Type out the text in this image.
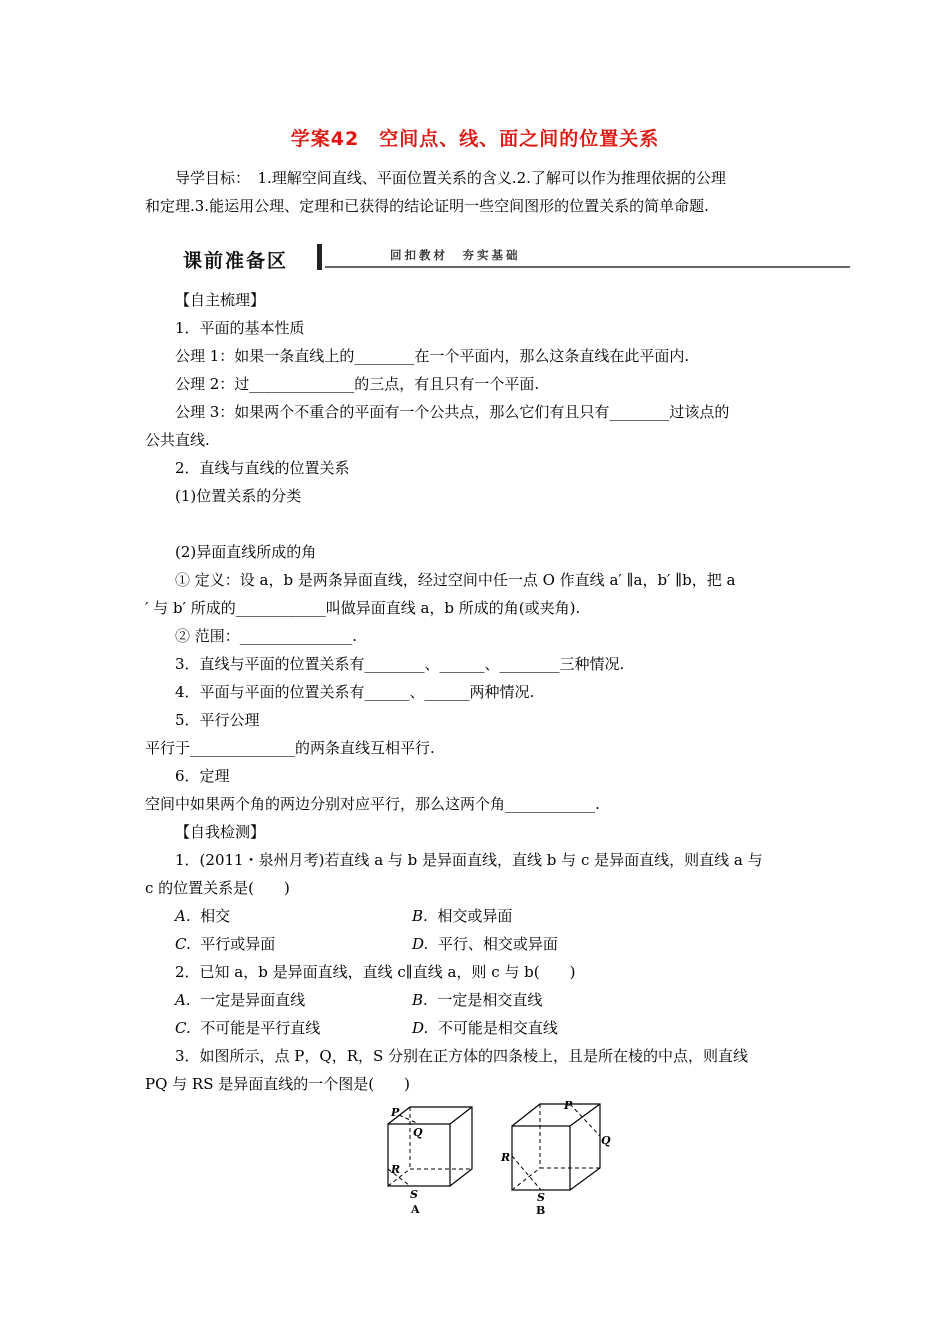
学案42　空间点、线、面之间的位置关系
导学目标：　1.理解空间直线、平面位置关系的含义.2.了解可以作为推理依据的公理
和定理.3.能运用公理、定理和已获得的结论证明一些空间图形的位置关系的简单命题.
课前准备区	回扣教材　夯实基础
【自主梳理】
1．平面的基本性质
公理 1：如果一条直线上的________在一个平面内，那么这条直线在此平面内.
公理 2：过______________的三点，有且只有一个平面.
公理 3：如果两个不重合的平面有一个公共点，那么它们有且只有________过该点的
公共直线.
2．直线与直线的位置关系
(1)位置关系的分类
(2)异面直线所成的角
① 定义：设 a，b 是两条异面直线，经过空间中任一点 O 作直线 a′ ∥a，b′ ∥b，把 a
′ 与 b′ 所成的____________叫做异面直线 a，b 所成的角(或夹角).
② 范围：_______________.
3．直线与平面的位置关系有________、______、________三种情况.
4．平面与平面的位置关系有______、______两种情况.
5．平行公理
平行于______________的两条直线互相平行.
6．定理
空间中如果两个角的两边分别对应平行，那么这两个角____________.
【自我检测】
1．(2011・泉州月考)若直线 a 与 b 是异面直线，直线 b 与 c 是异面直线，则直线 a 与
c 的位置关系是(　　)
A. 相交	B. 相交或异面
C. 平行或异面	D. 平行、相交或异面
2．已知 a，b 是异面直线，直线 c∥直线 a，则 c 与 b(　　)
A. 一定是异面直线	B. 一定是相交直线
C. 不可能是平行直线	D. 不可能是相交直线
3．如图所示，点 P，Q，R，S 分别在正方体的四条棱上，且是所在棱的中点，则直线
PQ 与 RS 是异面直线的一个图是(　　)
P
Q
R
S
A
P
Q
R
S
B
